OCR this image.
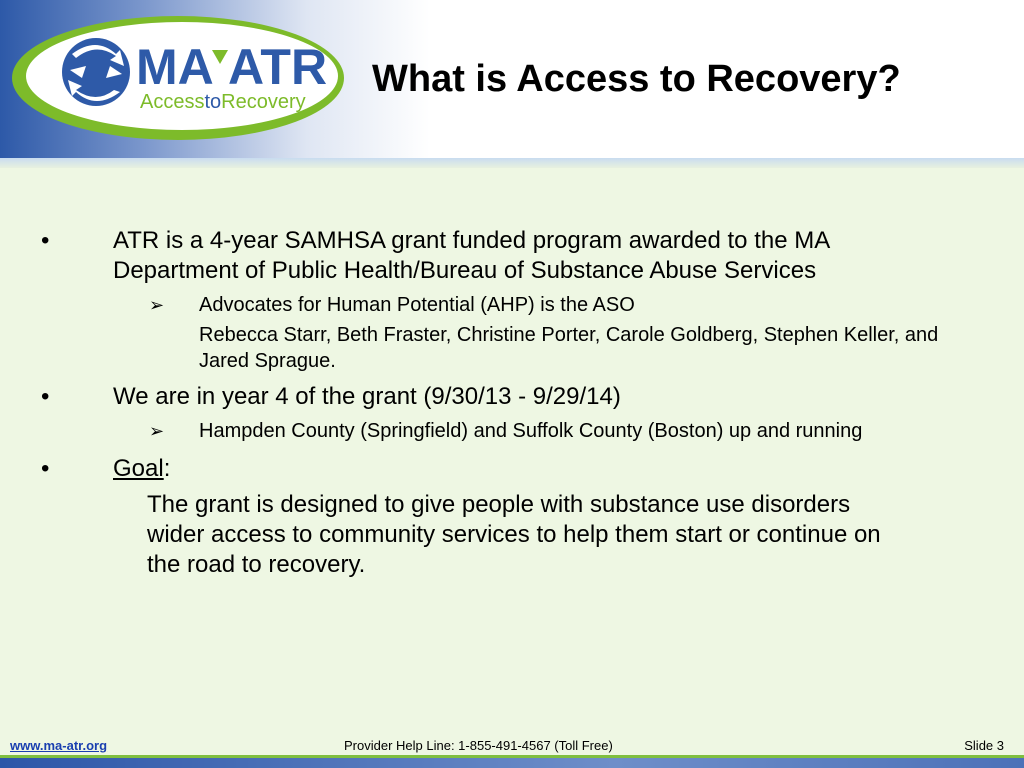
MA ATR
AccesstoRecovery
What is Access to Recovery?
•	ATR is a 4-year SAMHSA grant funded program awarded to the MA Department of Public Health/Bureau of Substance Abuse Services
➢ Advocates for Human Potential (AHP) is the ASO
Rebecca Starr, Beth Fraster, Christine Porter, Carole Goldberg, Stephen Keller, and Jared Sprague.
•	We are in year 4 of the grant (9/30/13 - 9/29/14)
➢ Hampden County (Springfield) and Suffolk County (Boston) up and running
•	Goal:
The grant is designed to give people with substance use disorders wider access to community services to help them start or continue on the road to recovery.
www.ma-atr.org	Provider Help Line: 1-855-491-4567 (Toll Free)	Slide 3
